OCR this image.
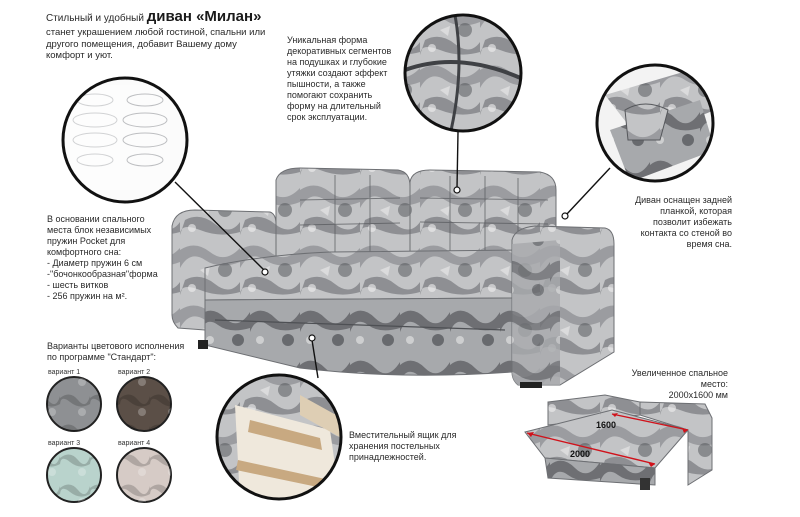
Стильный и удобный диван «Милан»
станет украшением любой гостиной, спальни или другого помещения, добавит Вашему дому комфорт и уют.
Уникальная форма декоративных сегментов на подушках и глубокие утяжки создают эффект пышности, а также помогают сохранить форму на длительный срок эксплуатации.
В основании спального места блок независимых пружин Pocket для комфортного сна:
- Диаметр пружин 6 см
-"бочонкообразная"форма
- шесть витков
- 256 пружин на м².
Диван оснащен задней планкой, которая позволит избежать контакта со стеной во время сна.
Вместительный ящик для хранения постельных принадлежностей.
Увеличенное спальное
место:
2000х1600 мм
1600
2000
Варианты цветового исполнения
по программе "Стандарт":
вариант 1	вариант 2
вариант 3	вариант 4
